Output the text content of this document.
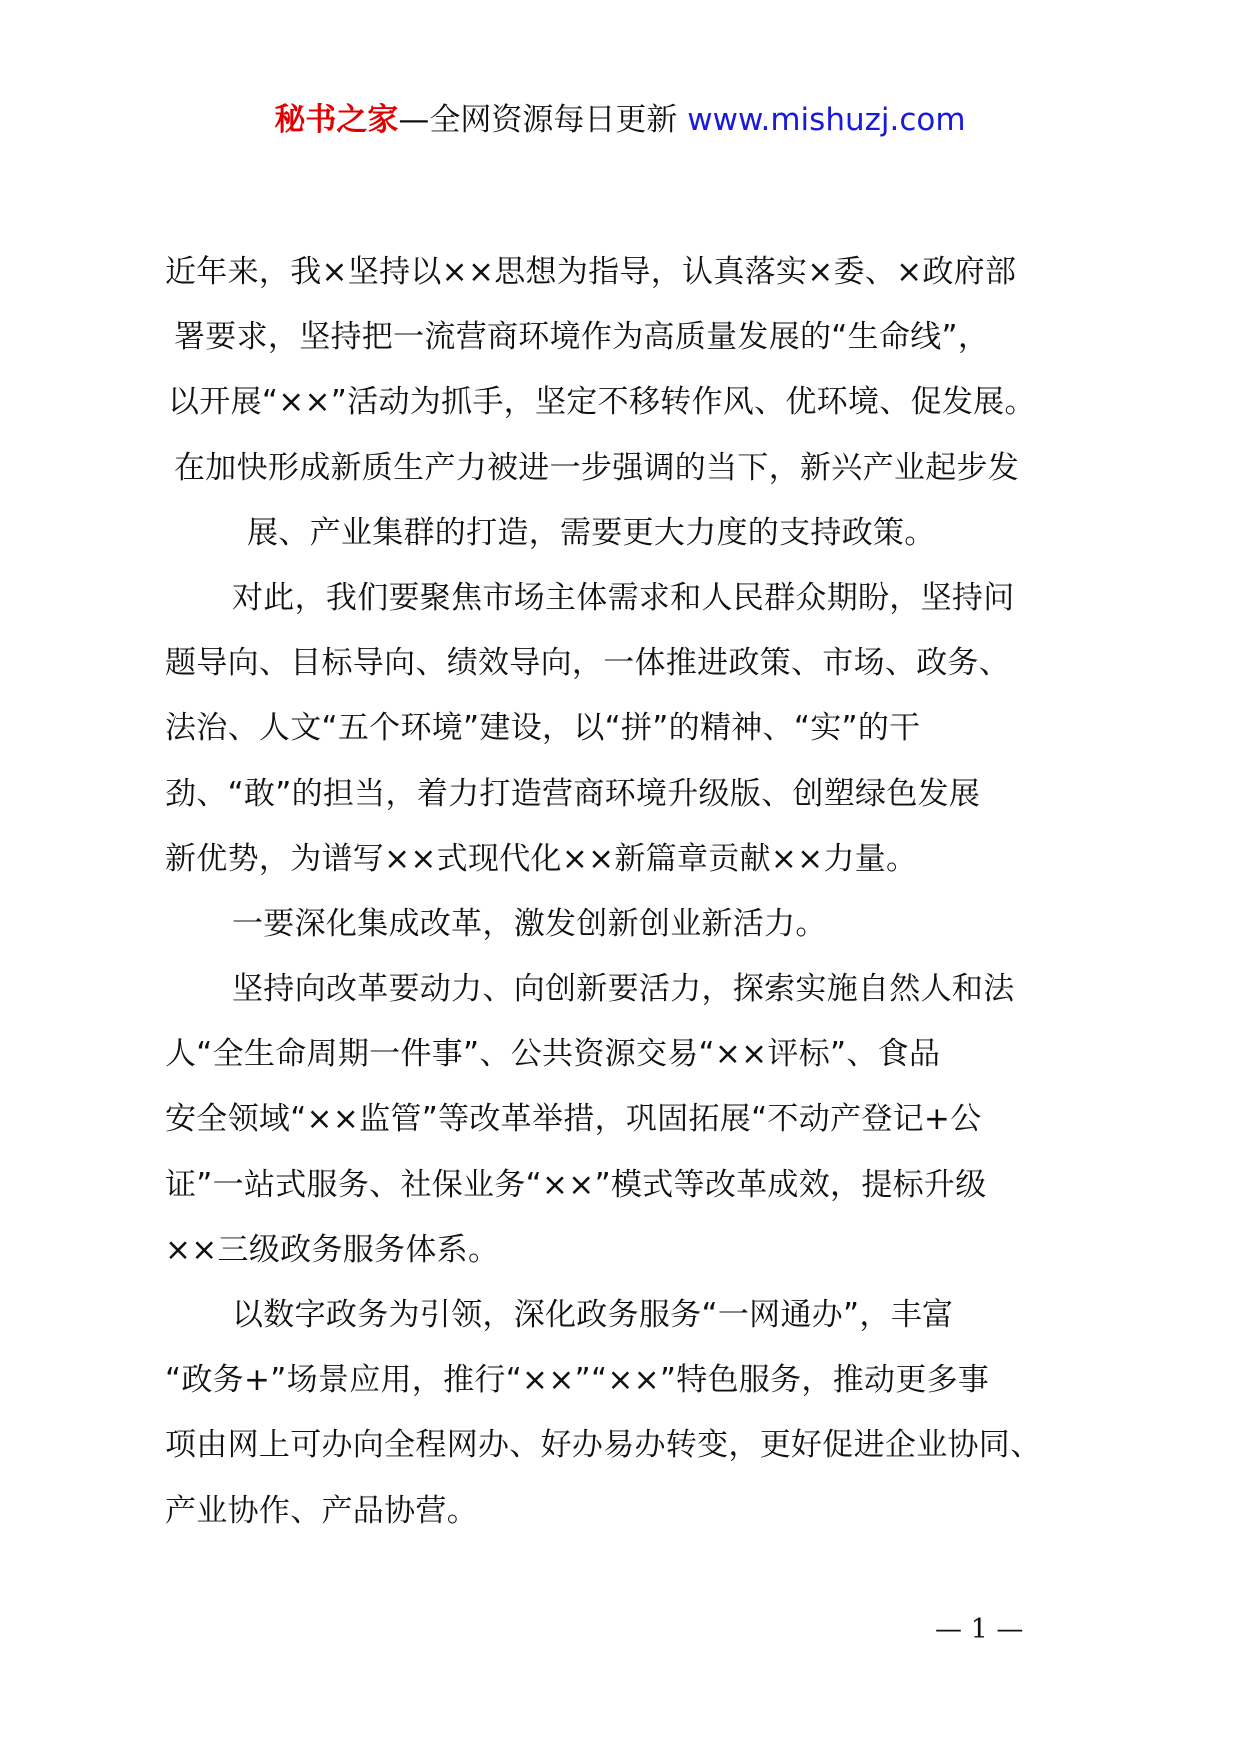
秘书之家—全网资源每日更新 www.mishuzj.com
近年来，我×坚持以××思想为指导，认真落实×委、×政府部
署要求，坚持把一流营商环境作为高质量发展的“生命线”，
以开展“××”活动为抓手，坚定不移转作风、优环境、促发展。
在加快形成新质生产力被进一步强调的当下，新兴产业起步发
展、产业集群的打造，需要更大力度的支持政策。
对此，我们要聚焦市场主体需求和人民群众期盼，坚持问
题导向、目标导向、绩效导向，一体推进政策、市场、政务、
法治、人文“五个环境”建设，以“拼”的精神、“实”的干
劲、“敢”的担当，着力打造营商环境升级版、创塑绿色发展
新优势，为谱写××式现代化××新篇章贡献××力量。
一要深化集成改革，激发创新创业新活力。
坚持向改革要动力、向创新要活力，探索实施自然人和法
人“全生命周期一件事”、公共资源交易“××评标”、食品
安全领域“××监管”等改革举措，巩固拓展“不动产登记+公
证”一站式服务、社保业务“××”模式等改革成效，提标升级
××三级政务服务体系。
以数字政务为引领，深化政务服务“一网通办”，丰富
“政务+”场景应用，推行“××”“××”特色服务，推动更多事
项由网上可办向全程网办、好办易办转变，更好促进企业协同、
产业协作、产品协营。
— 1 —
